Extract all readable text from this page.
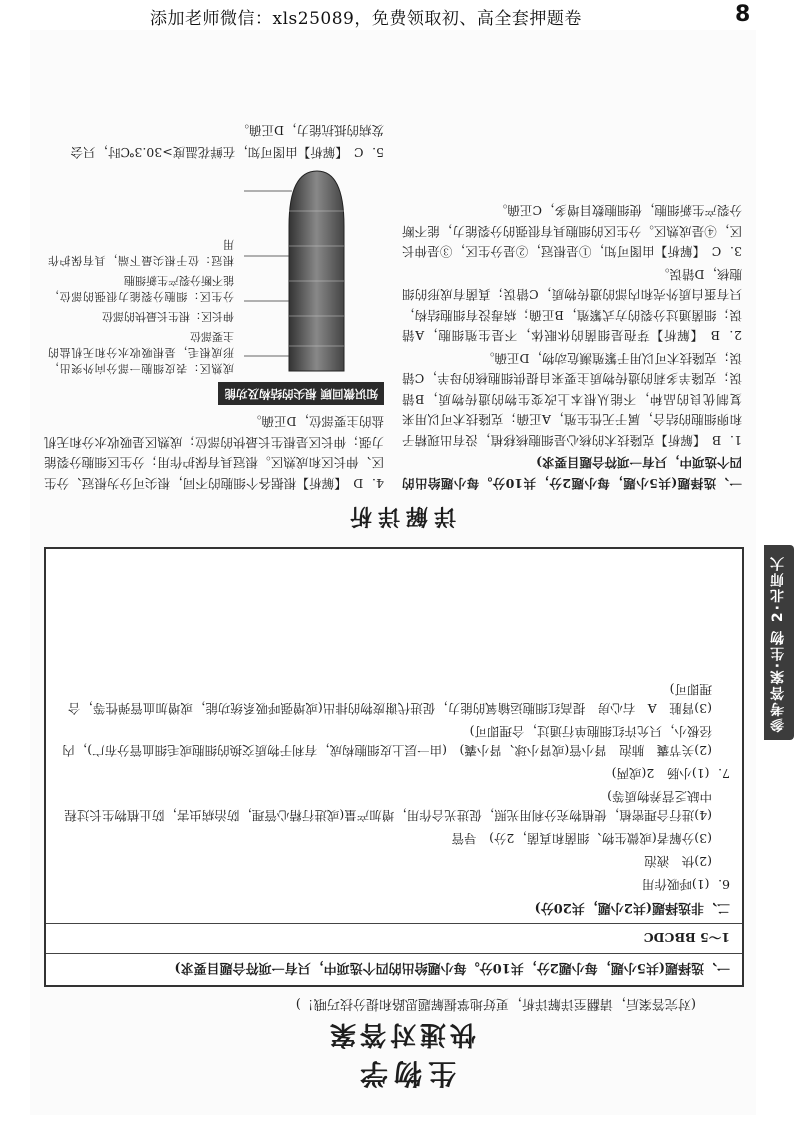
添加老师微信：xls25089，免费领取初、高全套押题卷	8
参考答案·生物 2·北师大
生物学
快速对答案
(对完答案后，请翻至详解详析，更好地掌握解题思路和提分技巧哦！)

一、选择题(共5小题，每小题2分，共10分。每小题给出的四个选项中，只有一项符合题目要求)

1～5 BBCDC

二、非选择题(共2小题，共20分)

6．(1)呼吸作用

(2)快　液泡

(3)分解者(或微生物、细菌和真菌，2分)　导管

(4)进行合理密植，使植物充分利用光照，促进光合作用，增加产量(或进行精心管理，防治病虫害，防止植物生长过程中缺乏营养物质等)

7．(1)小肠　2(或两)

(2)关节囊　肺泡　肾小管(或肾小球、肾小囊)　(由一层上皮细胞构成，有利于物质交换的细胞或毛细血管分布广)，内径极小，只允许红细胞单行通过，合理即可)

(3)肾脏　A　右心房　提高红细胞运输氧的能力，促进代谢废物的排出(或增强呼吸系统功能，或增加血管弹性等，合理即可)

详解详析

一、选择题(共5小题，每小题2分，共10分。每小题给出的四个选项中，只有一项符合题目要求)

1．B　【解析】克隆技术的核心是细胞核移植，没有出现精子和卵细胞的结合，属于无性生殖，A正确；克隆技术可以用来复制优良的品种，不能从根本上改变生物的遗传物质，B错误；克隆羊多莉的遗传物质主要来自提供细胞核的母羊，C错误；克隆技术可以用于繁殖濒危动物，D正确。

2．B　【解析】芽孢是细菌的休眠体，不是生殖细胞，A错误；细菌通过分裂的方式繁殖，B正确；病毒没有细胞结构，只有蛋白质外壳和内部的遗传物质，C错误；真菌有成形的细胞核，D错误。

3．C　【解析】由图可知，①是根冠，②是分生区，③是伸长区，④是成熟区。分生区的细胞具有很强的分裂能力，能不断分裂产生新细胞，使细胞数目增多，C正确。

4．D　【解析】根据各个细胞的不同，根尖可分为根冠、分生区、伸长区和成熟区。根冠具有保护作用；分生区细胞分裂能力强；伸长区是根生长最快的部位；成熟区是吸收水分和无机盐的主要部位，D正确。

知识微回顾 根尖的结构及功能
成熟区：表皮细胞一部分向外突出，形成根毛，是根吸收水分和无机盐的主要部位
伸长区：根生长最快的部位
分生区：细胞分裂能力很强的部位，能不断分裂产生新细胞
根冠：位于根尖最下端，具有保护作用

5．C　【解析】由图可知，在鲜花温度>30.3℃时，只会

发病的抵抗能力，D正确。
